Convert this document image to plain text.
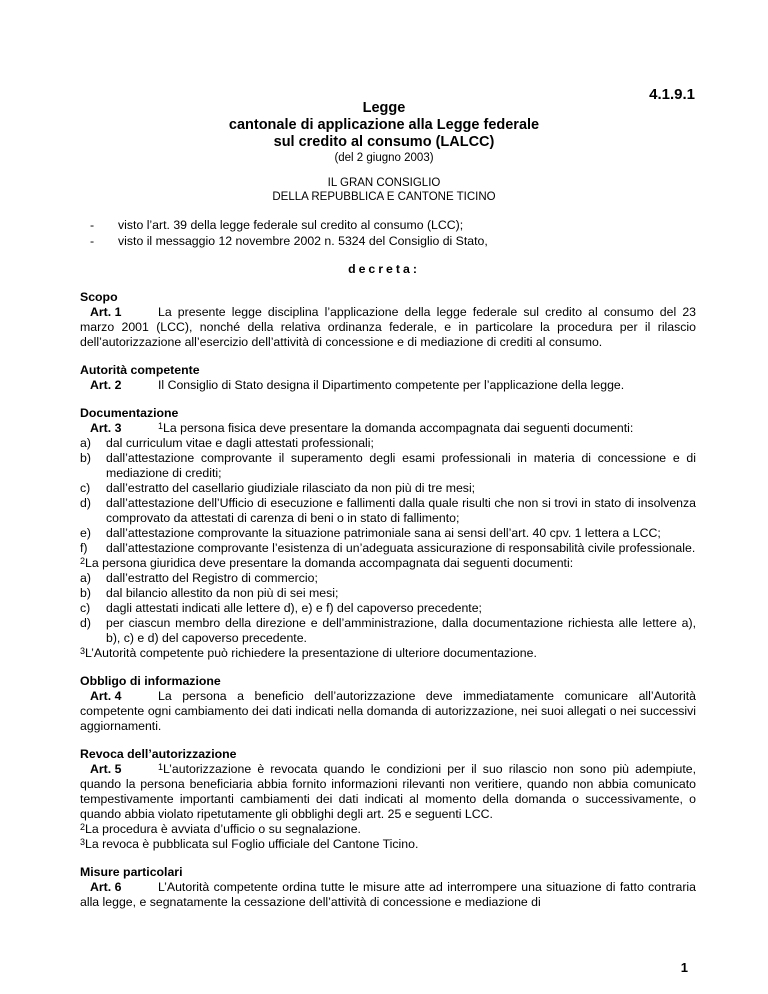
4.1.9.1
Legge
cantonale di applicazione alla Legge federale
sul credito al consumo (LALCC)
(del 2 giugno 2003)
IL GRAN CONSIGLIO
DELLA REPUBBLICA E CANTONE TICINO
- visto l’art. 39 della legge federale sul credito al consumo (LCC);
- visto il messaggio 12 novembre 2002 n. 5324 del Consiglio di Stato,
decreta:
Scopo
Art. 1	La presente legge disciplina l’applicazione della legge federale sul credito al consumo del 23 marzo 2001 (LCC), nonché della relativa ordinanza federale, e in particolare la procedura per il rilascio dell’autorizzazione all’esercizio dell’attività di concessione e di mediazione di crediti al consumo.
Autorità competente
Art. 2	Il Consiglio di Stato designa il Dipartimento competente per l’applicazione della legge.
Documentazione
Art. 3	$^1$La persona fisica deve presentare la domanda accompagnata dai seguenti documenti:
a) dal curriculum vitae e dagli attestati professionali;
b) dall’attestazione comprovante il superamento degli esami professionali in materia di concessione e di mediazione di crediti;
c) dall’estratto del casellario giudiziale rilasciato da non più di tre mesi;
d) dall’attestazione dell’Ufficio di esecuzione e fallimenti dalla quale risulti che non si trovi in stato di insolvenza comprovato da attestati di carenza di beni o in stato di fallimento;
e) dall’attestazione comprovante la situazione patrimoniale sana ai sensi dell’art. 40 cpv. 1 lettera a LCC;
f) dall’attestazione comprovante l’esistenza di un’adeguata assicurazione di responsabilità civile professionale.
$^2$La persona giuridica deve presentare la domanda accompagnata dai seguenti documenti:
a) dall’estratto del Registro di commercio;
b) dal bilancio allestito da non più di sei mesi;
c) dagli attestati indicati alle lettere d), e) e f) del capoverso precedente;
d) per ciascun membro della direzione e dell’amministrazione, dalla documentazione richiesta alle lettere a), b), c) e d) del capoverso precedente.
$^3$L’Autorità competente può richiedere la presentazione di ulteriore documentazione.
Obbligo di informazione
Art. 4	La persona a beneficio dell’autorizzazione deve immediatamente comunicare all’Autorità competente ogni cambiamento dei dati indicati nella domanda di autorizzazione, nei suoi allegati o nei successivi aggiornamenti.
Revoca dell’autorizzazione
Art. 5	$^1$L’autorizzazione è revocata quando le condizioni per il suo rilascio non sono più adempiute, quando la persona beneficiaria abbia fornito informazioni rilevanti non veritiere, quando non abbia comunicato tempestivamente importanti cambiamenti dei dati indicati al momento della domanda o successivamente, o quando abbia violato ripetutamente gli obblighi degli art. 25 e seguenti LCC.
$^2$La procedura è avviata d’ufficio o su segnalazione.
$^3$La revoca è pubblicata sul Foglio ufficiale del Cantone Ticino.
Misure particolari
Art. 6	L’Autorità competente ordina tutte le misure atte ad interrompere una situazione di fatto contraria alla legge, e segnatamente la cessazione dell’attività di concessione e mediazione di
1
